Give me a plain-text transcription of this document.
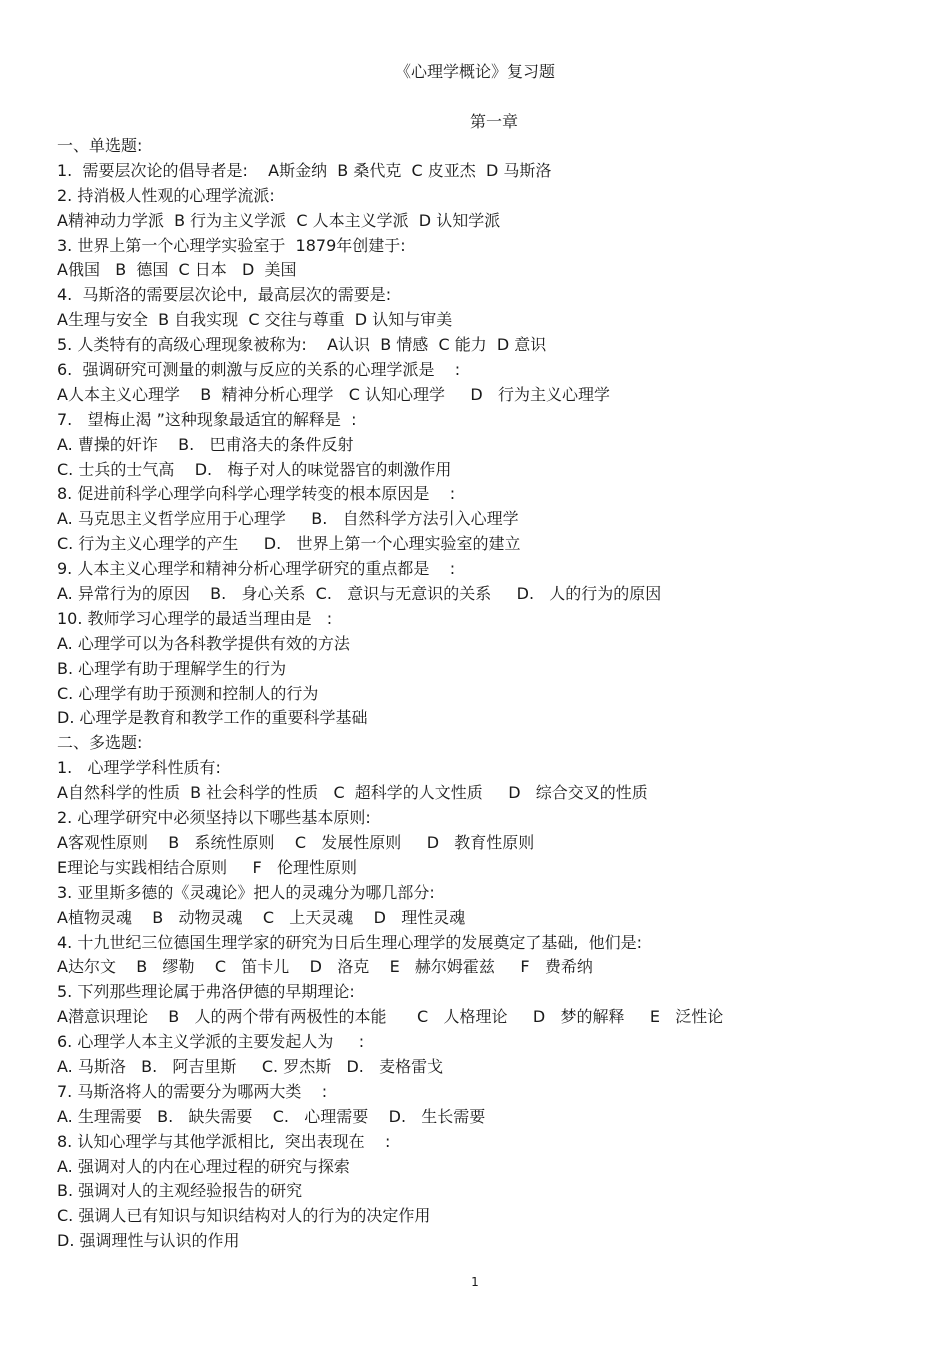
《心理学概论》复习题
第一章
一、单选题:
1.  需要层次论的倡导者是:    A斯金纳  B 桑代克  C 皮亚杰  D 马斯洛
2. 持消极人性观的心理学流派:
A精神动力学派  B 行为主义学派  C 人本主义学派  D 认知学派
3. 世界上第一个心理学实验室于  1879年创建于:
A俄国   B  德国  C 日本   D  美国
4.  马斯洛的需要层次论中,  最高层次的需要是:
A生理与安全  B 自我实现  C 交往与尊重  D 认知与审美
5. 人类特有的高级心理现象被称为:    A认识  B 情感  C 能力  D 意识
6.  强调研究可测量的刺激与反应的关系的心理学派是    :
A人本主义心理学    B  精神分析心理学   C 认知心理学     D   行为主义心理学
7.   望梅止渴 ”这种现象最适宜的解释是  :
A. 曹操的奸诈    B.   巴甫洛夫的条件反射
C. 士兵的士气高    D.   梅子对人的味觉器官的刺激作用
8. 促进前科学心理学向科学心理学转变的根本原因是    :
A. 马克思主义哲学应用于心理学     B.   自然科学方法引入心理学
C. 行为主义心理学的产生     D.   世界上第一个心理实验室的建立
9. 人本主义心理学和精神分析心理学研究的重点都是    :
A. 异常行为的原因    B.   身心关系  C.   意识与无意识的关系     D.   人的行为的原因
10. 教师学习心理学的最适当理由是   :
A. 心理学可以为各科教学提供有效的方法
B. 心理学有助于理解学生的行为
C. 心理学有助于预测和控制人的行为
D. 心理学是教育和教学工作的重要科学基础
二、多选题:
1.   心理学学科性质有:
A自然科学的性质  B 社会科学的性质   C  超科学的人文性质     D   综合交叉的性质
2. 心理学研究中必须坚持以下哪些基本原则:
A客观性原则    B   系统性原则    C   发展性原则     D   教育性原则
E理论与实践相结合原则     F   伦理性原则
3. 亚里斯多德的《灵魂论》把人的灵魂分为哪几部分:
A植物灵魂    B   动物灵魂    C   上天灵魂    D   理性灵魂
4. 十九世纪三位德国生理学家的研究为日后生理心理学的发展奠定了基础,  他们是:
A达尔文    B   缪勒    C   笛卡儿    D   洛克    E   赫尔姆霍兹     F   费希纳
5. 下列那些理论属于弗洛伊德的早期理论:
A潜意识理论    B   人的两个带有两极性的本能      C   人格理论     D   梦的解释     E   泛性论
6. 心理学人本主义学派的主要发起人为     :
A. 马斯洛   B.   阿吉里斯     C. 罗杰斯   D.   麦格雷戈
7. 马斯洛将人的需要分为哪两大类    :
A. 生理需要   B.   缺失需要    C.   心理需要    D.   生长需要
8. 认知心理学与其他学派相比,  突出表现在    :
A. 强调对人的内在心理过程的研究与探索
B. 强调对人的主观经验报告的研究
C. 强调人已有知识与知识结构对人的行为的决定作用
D. 强调理性与认识的作用
1
